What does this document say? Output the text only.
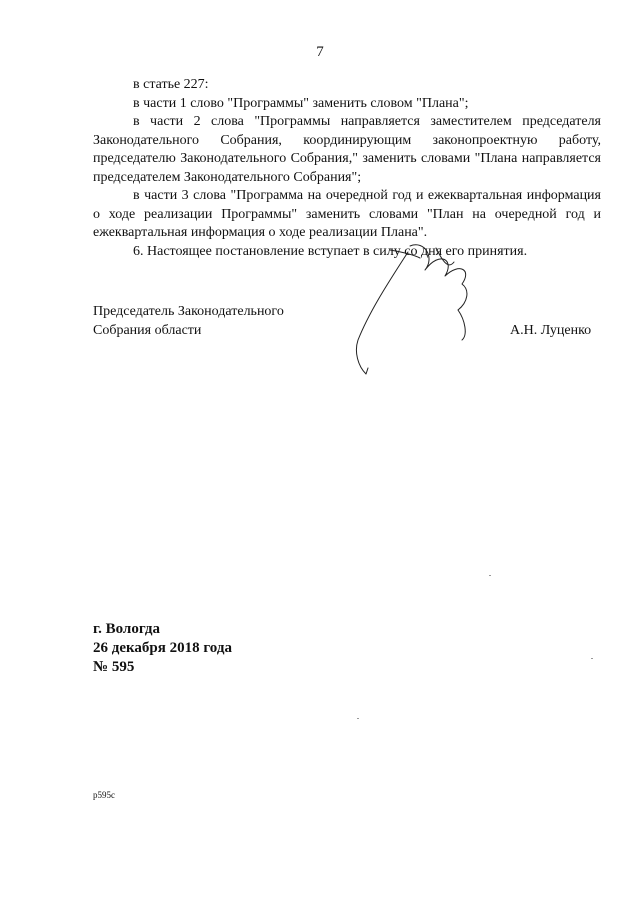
7

в статье 227:

в части 1 слово "Программы" заменить словом "Плана";

в части 2 слова "Программы направляется заместителем председателя Законодательного Собрания, координирующим законопроектную работу, председателю Законодательного Собрания," заменить словами "Плана направляется председателем Законодательного Собрания";

в части 3 слова "Программа на очередной год и ежеквартальная информация о ходе реализации Программы" заменить словами "План на очередной год и ежеквартальная информация о ходе реализации Плана".

6. Настоящее постановление вступает в силу со дня его принятия.

Председатель Законодательного
Собрания области	А.Н. Луценко
г. Вологда
26 декабря 2018 года
№ 595
р595с
